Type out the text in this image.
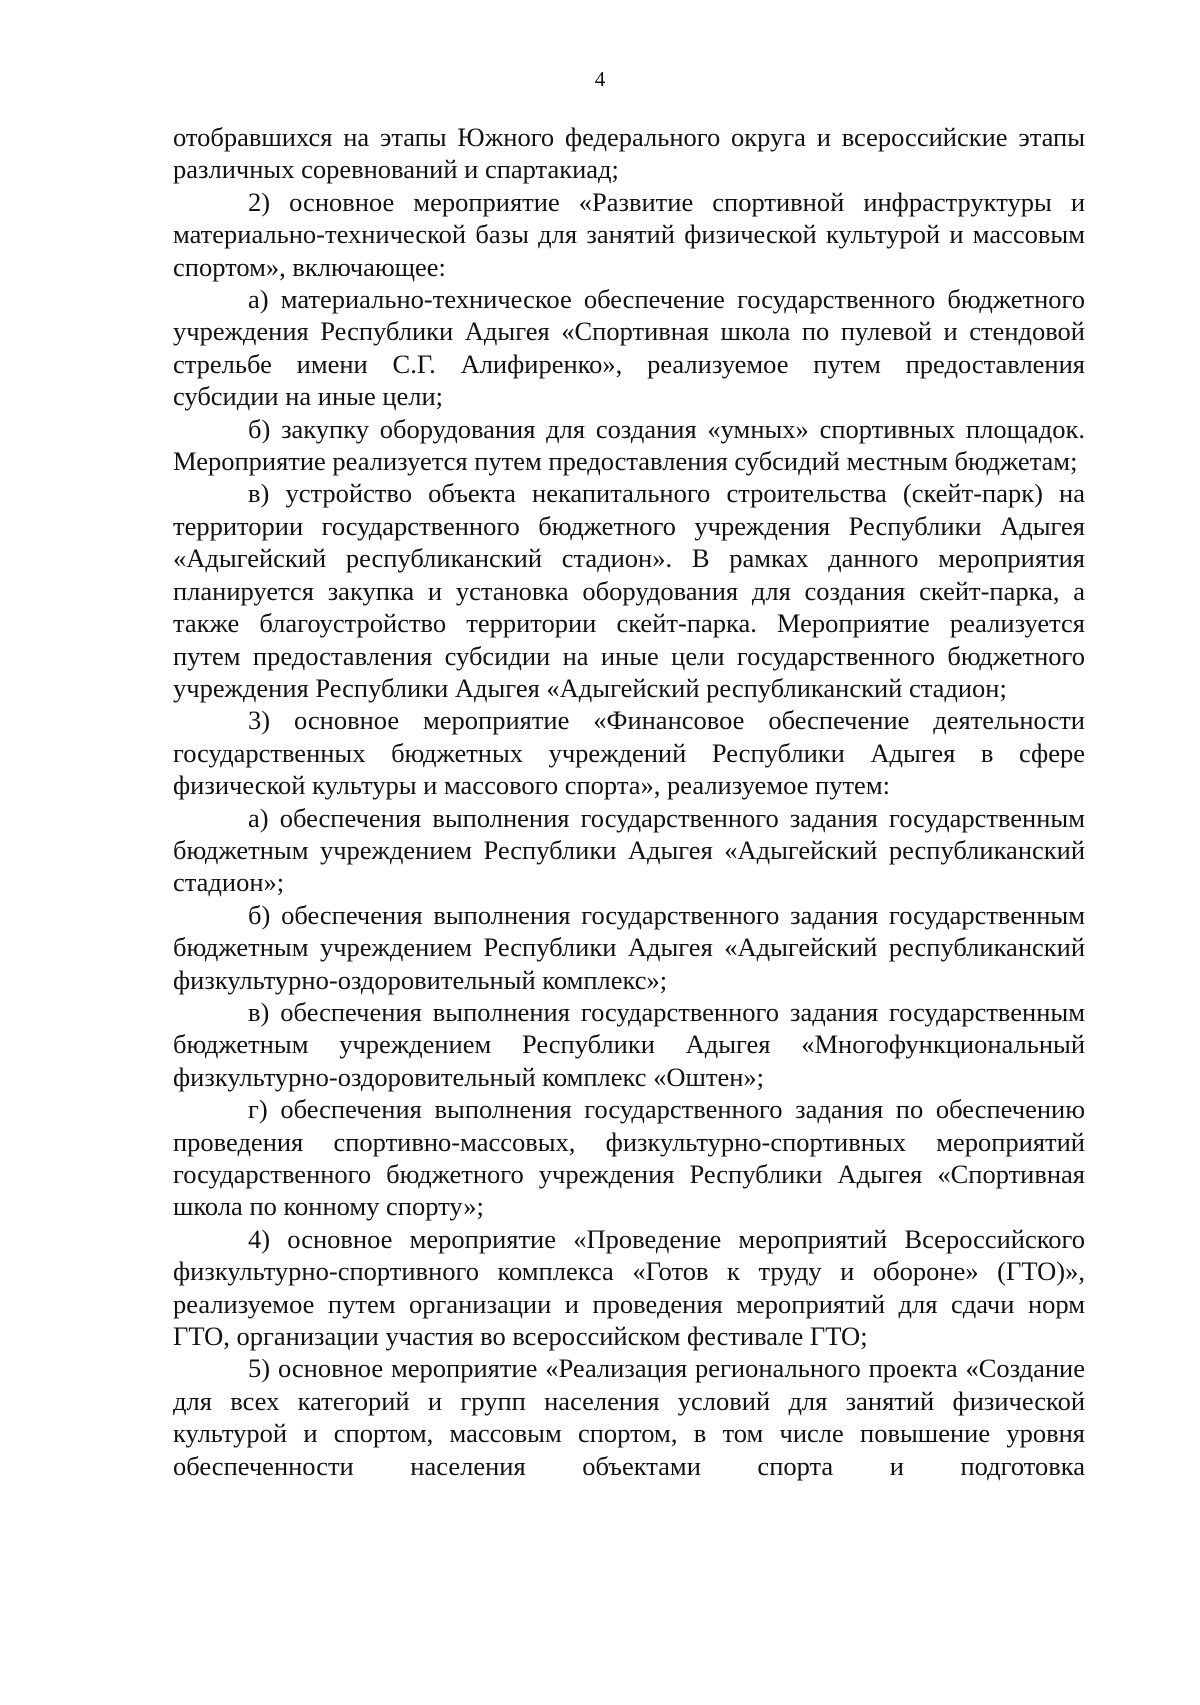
4

отобравшихся на этапы Южного федерального округа и всероссийские этапы различных соревнований и спартакиад;

2) основное мероприятие «Развитие спортивной инфраструктуры и материально-технической базы для занятий физической культурой и массовым спортом», включающее:

а) материально-техническое обеспечение государственного бюджетного учреждения Республики Адыгея «Спортивная школа по пулевой и стендовой стрельбе имени С.Г. Алифиренко», реализуемое путем предоставления субсидии на иные цели;

б) закупку оборудования для создания «умных» спортивных площадок. Мероприятие реализуется путем предоставления субсидий местным бюджетам;

в) устройство объекта некапитального строительства (скейт-парк) на территории государственного бюджетного учреждения Республики Адыгея «Адыгейский республиканский стадион». В рамках данного мероприятия планируется закупка и установка оборудования для создания скейт-парка, а также благоустройство территории скейт-парка. Мероприятие реализуется путем предоставления субсидии на иные цели государственного бюджетного учреждения Республики Адыгея «Адыгейский республиканский стадион;

3) основное мероприятие «Финансовое обеспечение деятельности государственных бюджетных учреждений Республики Адыгея в сфере физической культуры и массового спорта», реализуемое путем:

а) обеспечения выполнения государственного задания государственным бюджетным учреждением Республики Адыгея «Адыгейский республиканский стадион»;

б) обеспечения выполнения государственного задания государственным бюджетным учреждением Республики Адыгея «Адыгейский республиканский физкультурно-оздоровительный комплекс»;

в) обеспечения выполнения государственного задания государственным бюджетным учреждением Республики Адыгея «Многофункциональный физкультурно-оздоровительный комплекс «Оштен»;

г) обеспечения выполнения государственного задания по обеспечению проведения спортивно-массовых, физкультурно-спортивных мероприятий государственного бюджетного учреждения Республики Адыгея «Спортивная школа по конному спорту»;

4) основное мероприятие «Проведение мероприятий Всероссийского физкультурно-спортивного комплекса «Готов к труду и обороне» (ГТО)», реализуемое путем организации и проведения мероприятий для сдачи норм ГТО, организации участия во всероссийском фестивале ГТО;

5) основное мероприятие «Реализация регионального проекта «Создание для всех категорий и групп населения условий для занятий физической культурой и спортом, массовым спортом, в том числе повышение уровня обеспеченности населения объектами спорта и подготовка
